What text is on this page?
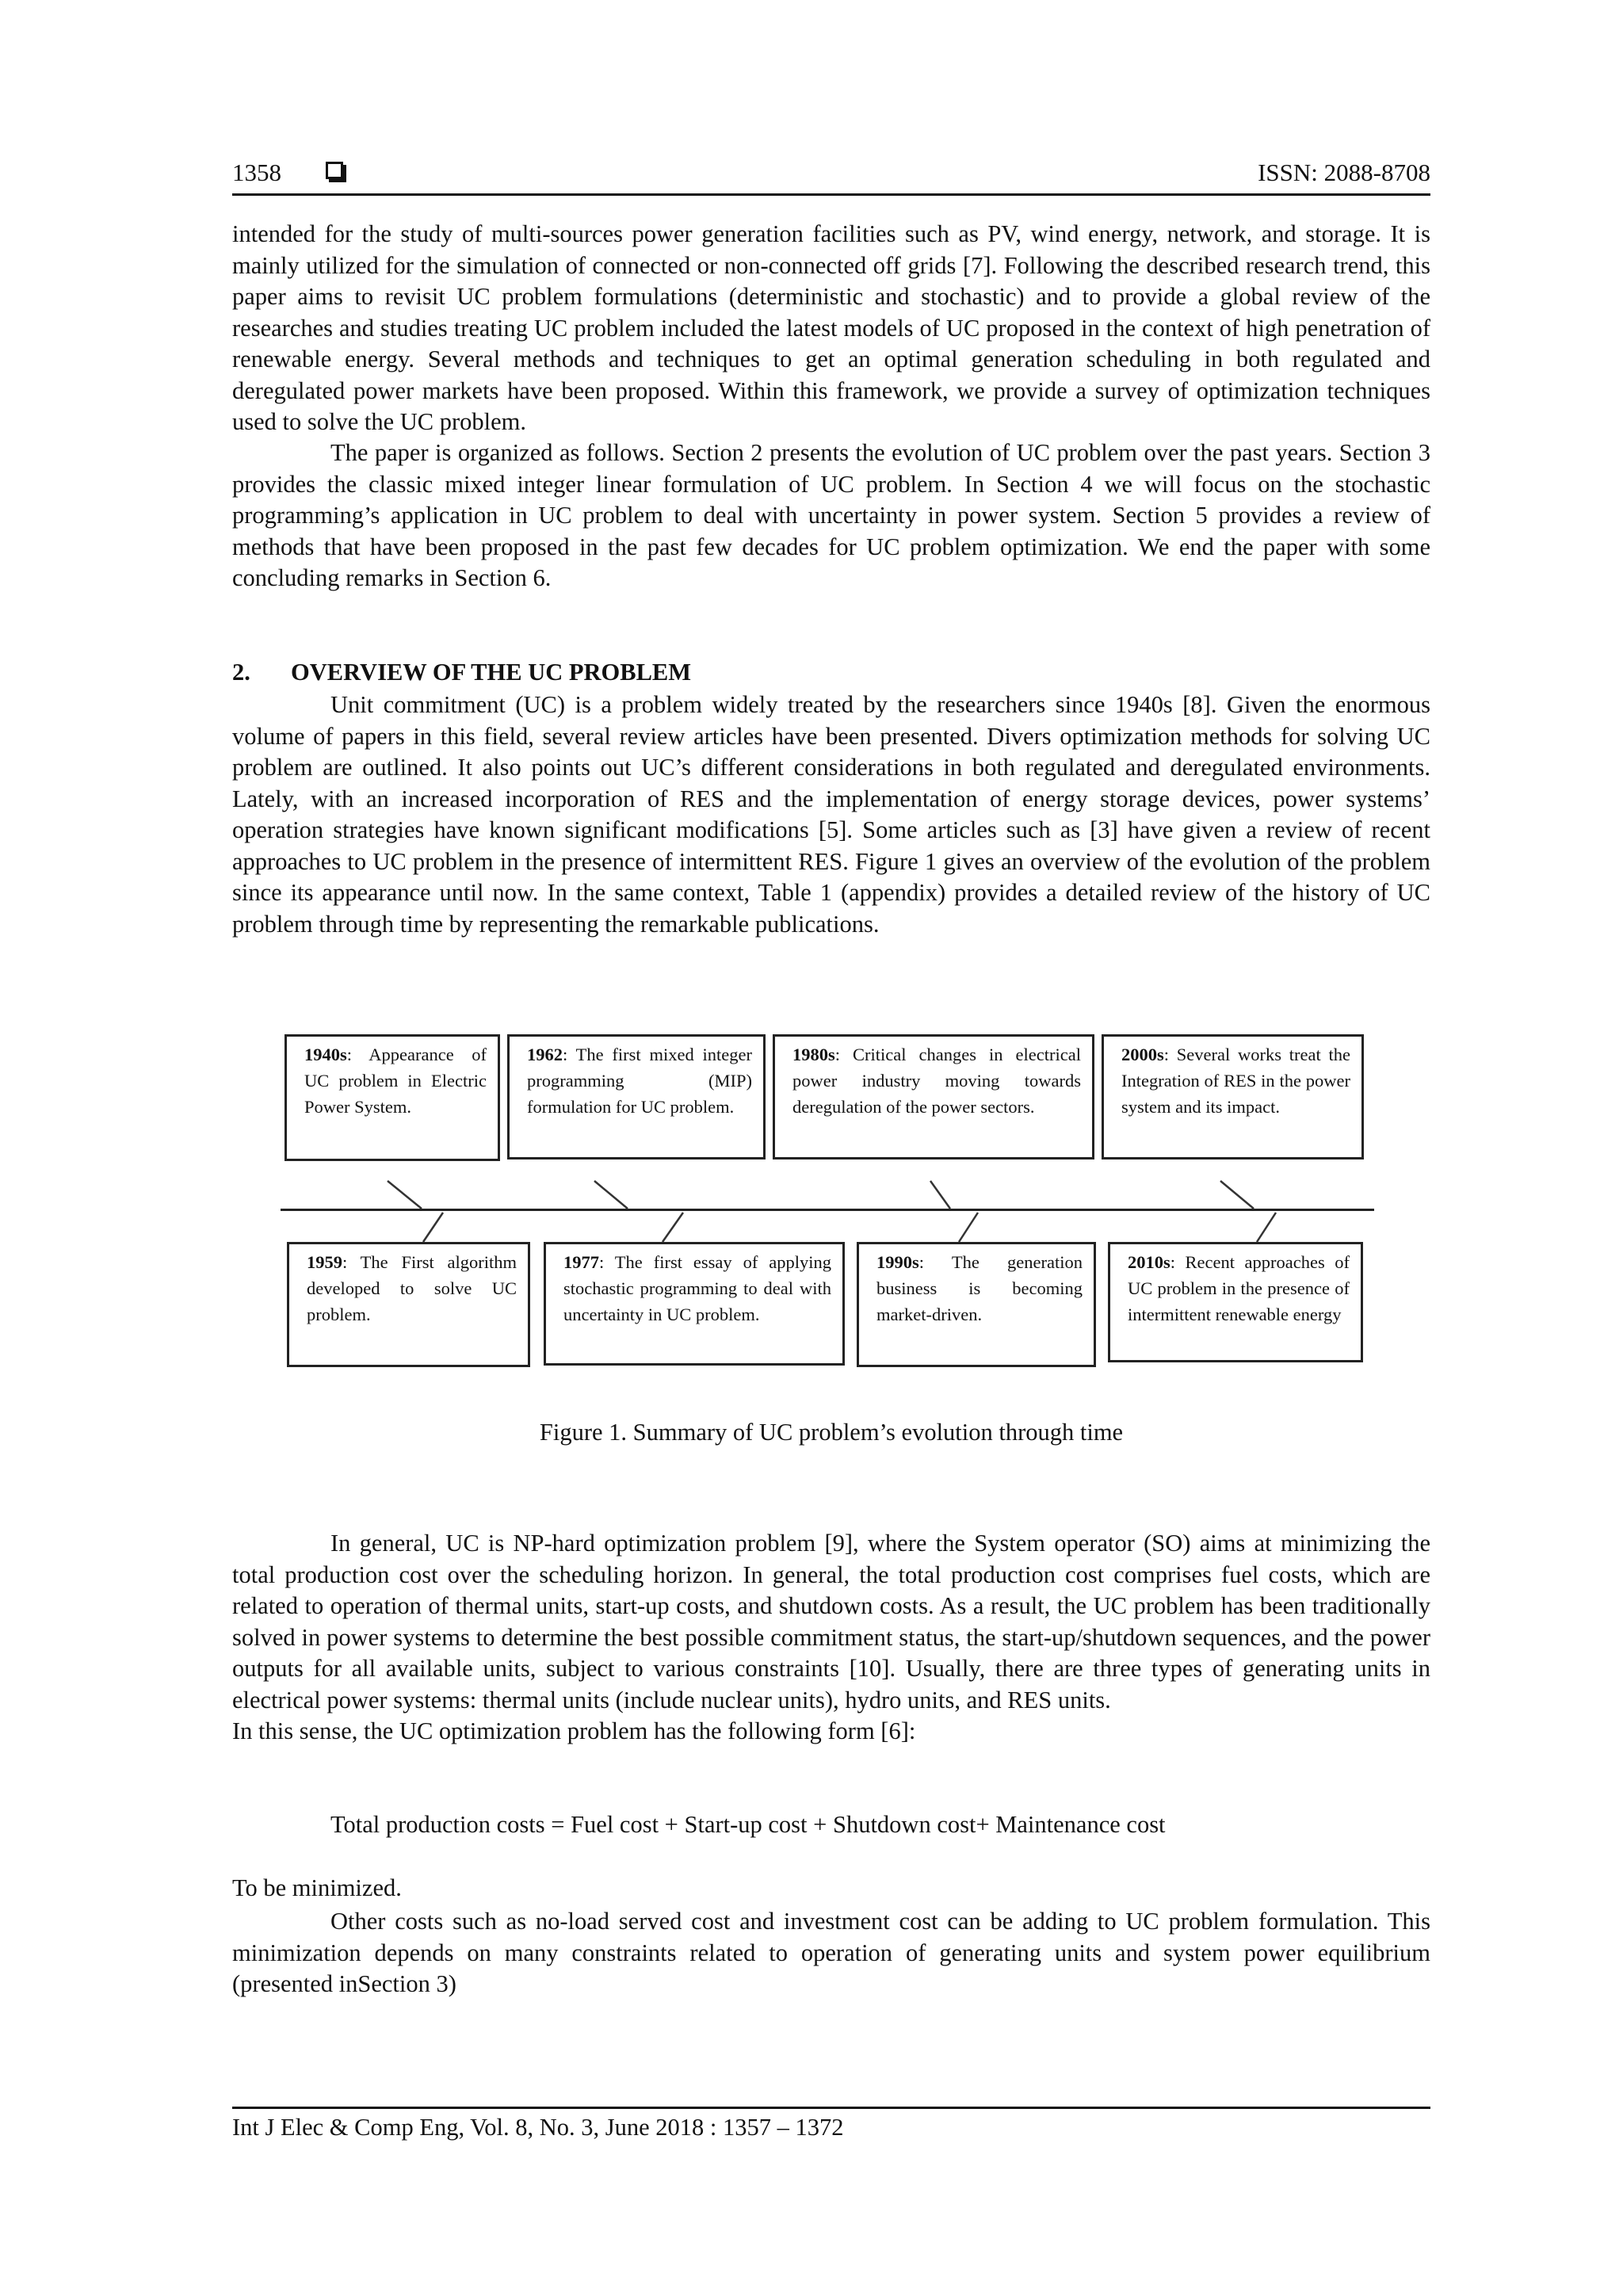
1358	ISSN: 2088-8708

intended for the study of multi-sources power generation facilities such as PV, wind energy, network, and storage. It is mainly utilized for the simulation of connected or non-connected off grids [7]. Following the described research trend, this paper aims to revisit UC problem formulations (deterministic and stochastic) and to provide a global review of the researches and studies treating UC problem included the latest models of UC proposed in the context of high penetration of renewable energy. Several methods and techniques to get an optimal generation scheduling in both regulated and deregulated power markets have been proposed. Within this framework, we provide a survey of optimization techniques used to solve the UC problem.

The paper is organized as follows. Section 2 presents the evolution of UC problem over the past years. Section 3 provides the classic mixed integer linear formulation of UC problem. In Section 4 we will focus on the stochastic programming’s application in UC problem to deal with uncertainty in power system. Section 5 provides a review of methods that have been proposed in the past few decades for UC problem optimization. We end the paper with some concluding remarks in Section 6.

2. OVERVIEW OF THE UC PROBLEM

Unit commitment (UC) is a problem widely treated by the researchers since 1940s [8]. Given the enormous volume of papers in this field, several review articles have been presented. Divers optimization methods for solving UC problem are outlined. It also points out UC’s different considerations in both regulated and deregulated environments. Lately, with an increased incorporation of RES and the implementation of energy storage devices, power systems’ operation strategies have known significant modifications [5]. Some articles such as [3] have given a review of recent approaches to UC problem in the presence of intermittent RES. Figure 1 gives an overview of the evolution of the problem since its appearance until now. In the same context, Table 1 (appendix) provides a detailed review of the history of UC problem through time by representing the remarkable publications.

1940s: Appearance of UC problem in Electric Power System.
1962: The first mixed integer programming (MIP) formulation for UC problem.
1980s: Critical changes in electrical power industry moving towards deregulation of the power sectors.
2000s: Several works treat the Integration of RES in the power system and its impact.
1959: The First algorithm developed to solve UC problem.
1977: The first essay of applying stochastic programming to deal with uncertainty in UC problem.
1990s: The generation business is becoming market-driven.
2010s: Recent approaches of UC problem in the presence of intermittent renewable energy

Figure 1. Summary of UC problem’s evolution through time

In general, UC is NP-hard optimization problem [9], where the System operator (SO) aims at minimizing the total production cost over the scheduling horizon. In general, the total production cost comprises fuel costs, which are related to operation of thermal units, start-up costs, and shutdown costs. As a result, the UC problem has been traditionally solved in power systems to determine the best possible commitment status, the start-up/shutdown sequences, and the power outputs for all available units, subject to various constraints [10]. Usually, there are three types of generating units in electrical power systems: thermal units (include nuclear units), hydro units, and RES units.
In this sense, the UC optimization problem has the following form [6]:

Total production costs = Fuel cost + Start-up cost + Shutdown cost+ Maintenance cost

To be minimized.

Other costs such as no-load served cost and investment cost can be adding to UC problem formulation. This minimization depends on many constraints related to operation of generating units and system power equilibrium (presented inSection 3)

Int J Elec & Comp Eng, Vol. 8, No. 3, June 2018 : 1357 – 1372
